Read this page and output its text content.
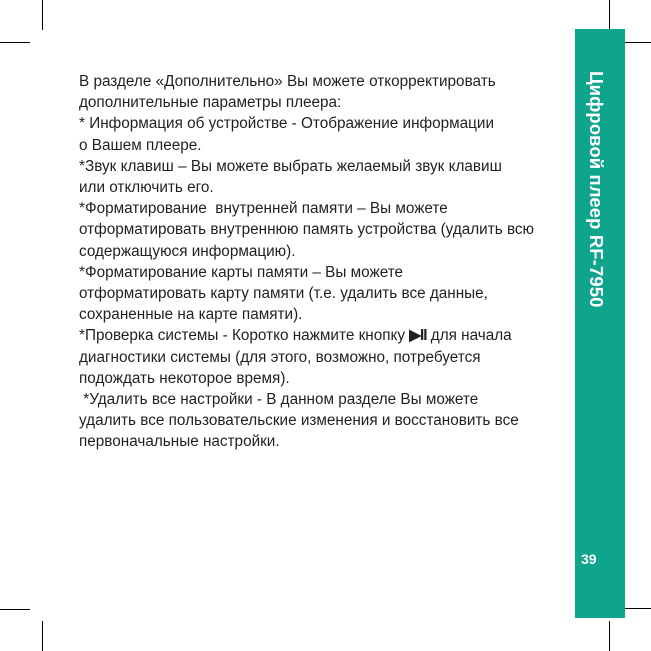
Цифровой плеер RF-7950
39
В разделе «Дополнительно» Вы можете откорректировать
дополнительные параметры плеера:
* Информация об устройстве - Отображение информации
о Вашем плеере.
*Звук клавиш – Вы можете выбрать желаемый звук клавиш
или отключить его.
*Форматирование  внутренней памяти – Вы можете
отформатировать внутреннюю память устройства (удалить всю
содержащуюся информацию).
*Форматирование карты памяти – Вы можете
отформатировать карту памяти (т.е. удалить все данные,
сохраненные на карте памяти).
*Проверка системы - Коротко нажмите кнопку ▶II для начала
диагностики системы (для этого, возможно, потребуется
подождать некоторое время).
*Удалить все настройки - В данном разделе Вы можете
удалить все пользовательские изменения и восстановить все
первоначальные настройки.
